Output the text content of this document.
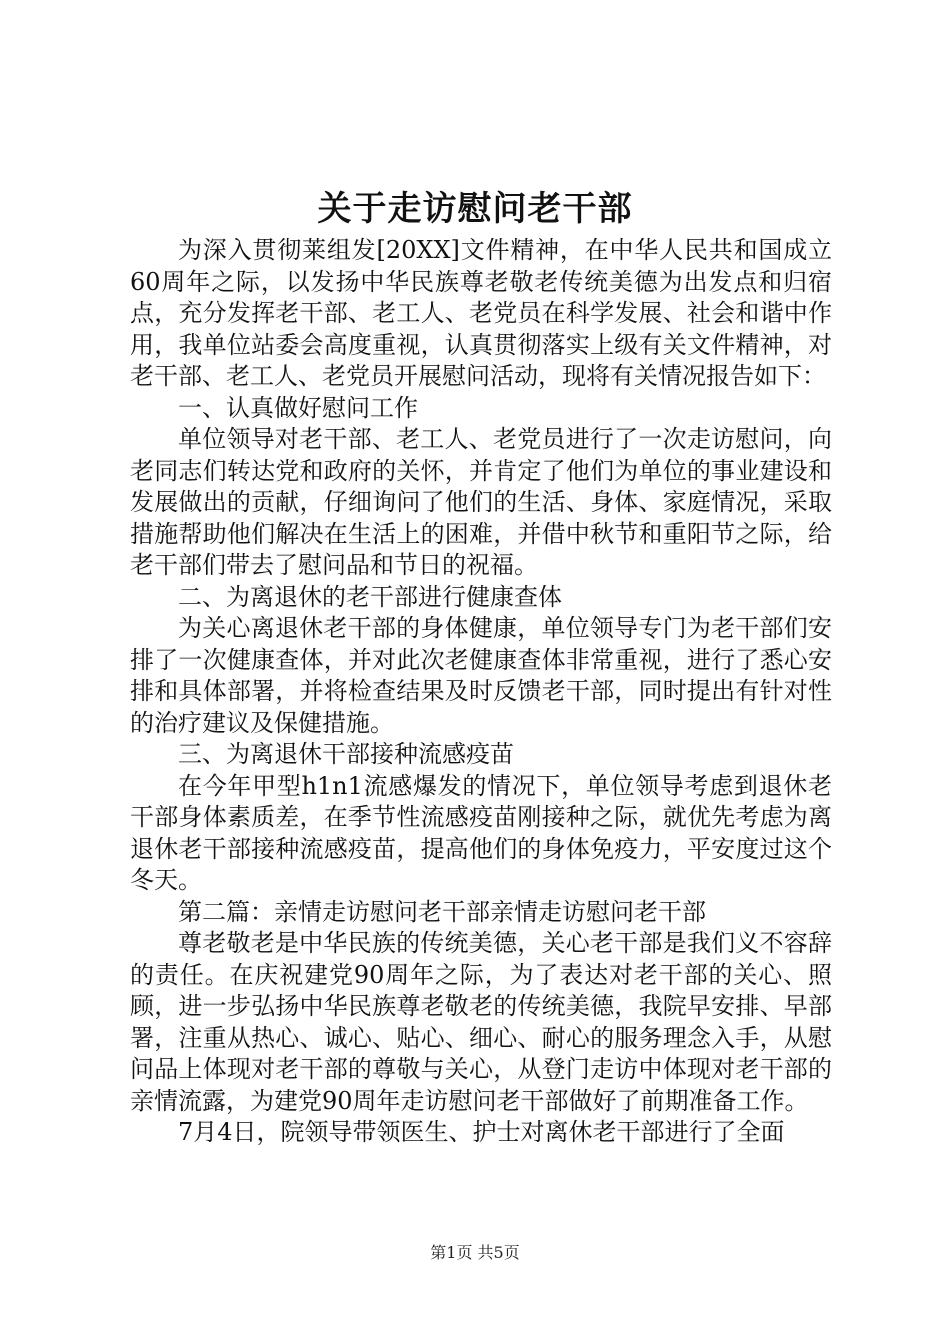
关于走访慰问老干部

为深入贯彻莱组发[20XX]文件精神，在中华人民共和国成立60周年之际，以发扬中华民族尊老敬老传统美德为出发点和归宿点，充分发挥老干部、老工人、老党员在科学发展、社会和谐中作用，我单位站委会高度重视，认真贯彻落实上级有关文件精神，对老干部、老工人、老党员开展慰问活动，现将有关情况报告如下：

一、认真做好慰问工作

单位领导对老干部、老工人、老党员进行了一次走访慰问，向老同志们转达党和政府的关怀，并肯定了他们为单位的事业建设和发展做出的贡献，仔细询问了他们的生活、身体、家庭情况，采取措施帮助他们解决在生活上的困难，并借中秋节和重阳节之际，给老干部们带去了慰问品和节日的祝福。

二、为离退休的老干部进行健康查体

为关心离退休老干部的身体健康，单位领导专门为老干部们安排了一次健康查体，并对此次老健康查体非常重视，进行了悉心安排和具体部署，并将检查结果及时反馈老干部，同时提出有针对性的治疗建议及保健措施。

三、为离退休干部接种流感疫苗

在今年甲型h1n1流感爆发的情况下，单位领导考虑到退休老干部身体素质差，在季节性流感疫苗刚接种之际，就优先考虑为离退休老干部接种流感疫苗，提高他们的身体免疫力，平安度过这个冬天。

第二篇：亲情走访慰问老干部亲情走访慰问老干部

尊老敬老是中华民族的传统美德，关心老干部是我们义不容辞的责任。在庆祝建党90周年之际，为了表达对老干部的关心、照顾，进一步弘扬中华民族尊老敬老的传统美德，我院早安排、早部署，注重从热心、诚心、贴心、细心、耐心的服务理念入手，从慰问品上体现对老干部的尊敬与关心，从登门走访中体现对老干部的亲情流露，为建党90周年走访慰问老干部做好了前期准备工作。

7月4日，院领导带领医生、护士对离休老干部进行了全面

第1页 共5页
